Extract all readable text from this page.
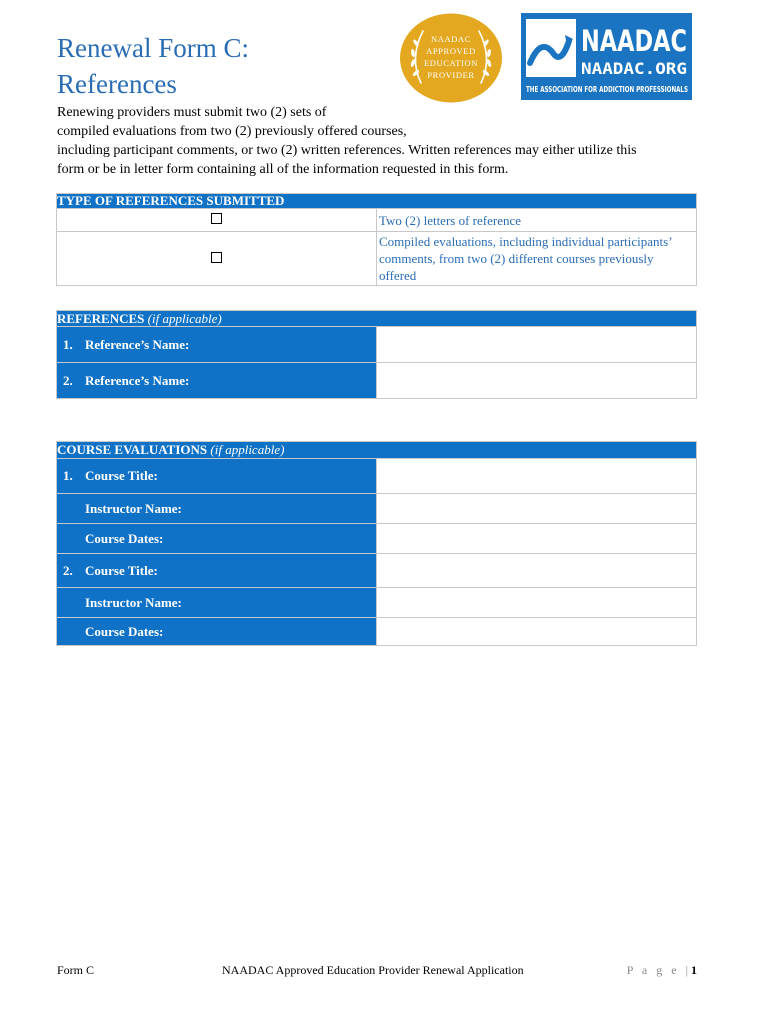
Renewal Form C:
References
NAADAC
APPROVED
EDUCATION
PROVIDER
NAADAC
NAADAC.ORG
THE ASSOCIATION FOR ADDICTION PROFESSIONALS

Renewing providers must submit two (2) sets of
compiled evaluations from two (2) previously offered courses,
including participant comments, or two (2) written references. Written references may either utilize this
form or be in letter form containing all of the information requested in this form.

TYPE OF REFERENCES SUBMITTED	
	Two (2) letters of reference
	Compiled evaluations, including individual participants’ comments, from two (2) different courses previously offered
REFERENCES (if applicable)	
1. Reference’s Name:	
2. Reference’s Name:	
COURSE EVALUATIONS (if applicable)	
1. Course Title:	
Instructor Name:	
Course Dates:	
2. Course Title:	
Instructor Name:	
Course Dates:	
Form C	NAADAC Approved Education Provider Renewal Application	P a g e |1
